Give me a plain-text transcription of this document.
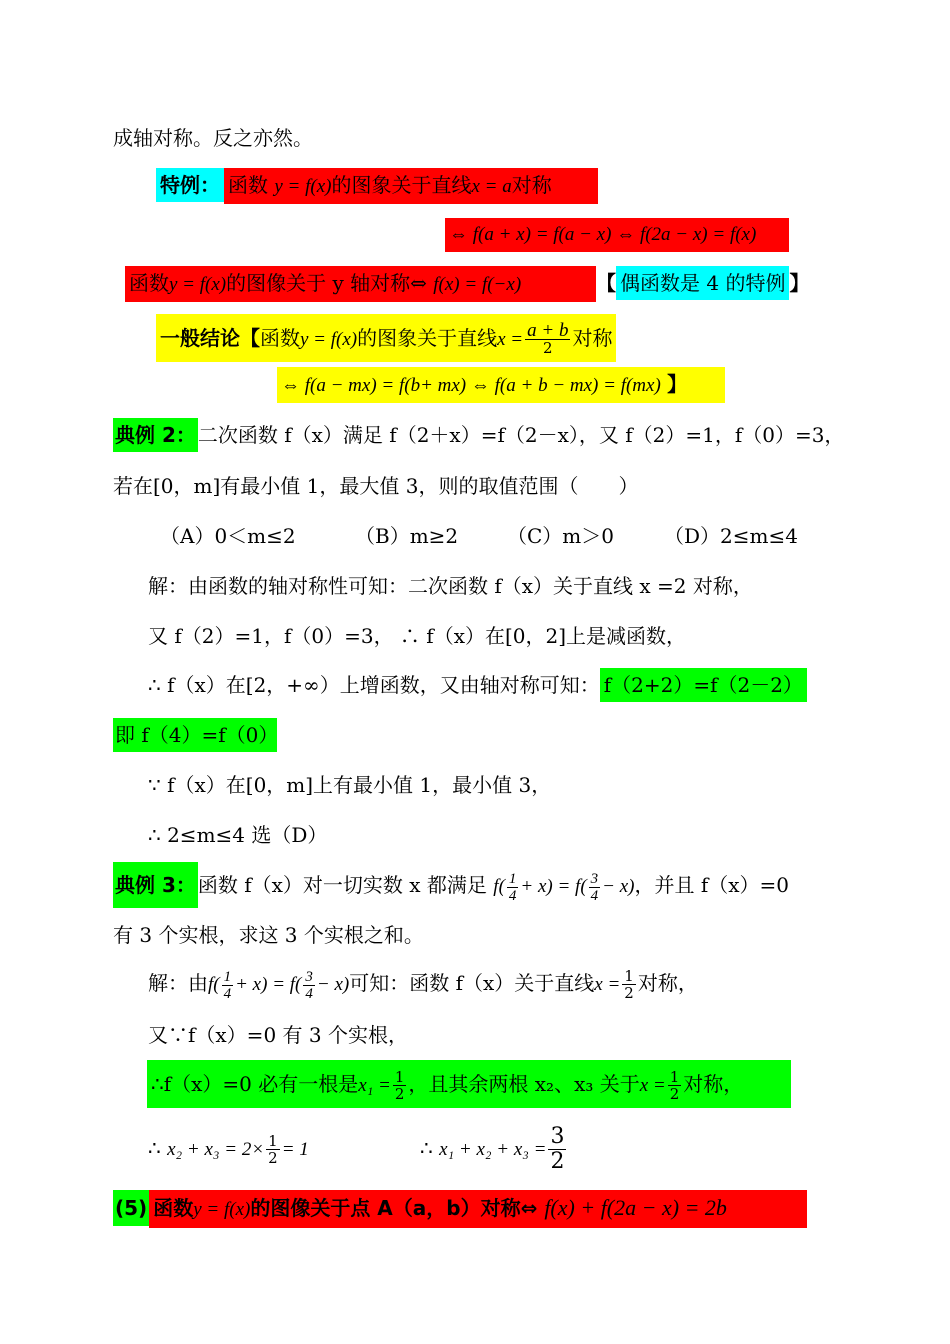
成轴对称。反之亦然。
特例： 函数 y = f(x)的图象关于直线x = a对称
⇔ f(a + x) = f(a − x) ⇔ f(2a − x) = f(x)
函数y = f(x)的图像关于 y 轴对称⇔ f(x) = f(−x)	【 偶函数是 4 的特例 】
一般结论【函数y = f(x)的图象关于直线$x = \frac{a + b}{2}$ 对称
⇔ f(a − mx) = f(b+ mx) ⇔ f(a + b − mx) = f(mx) 】
典例 2： 二次函数 f（x）满足 f（2＋x）=f（2－x），又 f（2）=1，f（0）=3，
若在[0，m]有最小值 1，最大值 3，则的取值范围（　　）
（A）0＜m≤2	（B）m≥2 （C）m＞0	（D）2≤m≤4
解：由函数的轴对称性可知：二次函数 f（x）关于直线 x =2 对称，
又 f（2）=1，f（0）=3， ∴ f（x）在[0，2]上是减函数，
∴ f（x）在[2，+∞）上增函数，又由轴对称可知： f（2+2）=f（2－2）
即 f（4）=f（0）
∵ f（x）在[0，m]上有最小值 1，最小值 3，
∴ 2≤m≤4 选（D）
典例 3： 函数 f（x）对一切实数 x 都满足 $f( \frac{1}{4} + x) = f( \frac{3}{4} - x)$，并且 f（x）=0
有 3 个实根，求这 3 个实根之和。
解：由$f( \frac{1}{4} + x) = f( \frac{3}{4} - x)$可知：函数 f（x）关于直线$x = \frac{1}{2}$ 对称，
又∵f（x）=0 有 3 个实根，
∴f（x）=0 必有一根是$x_1 = \frac{1}{2}$ ，且其余两根 x₂、x₃ 关于$x = \frac{1}{2}$ 对称，
∴ $x_2 + x_3 = 2\times \frac{1}{2} = 1$	∴ $x_1 + x_2 + x_3 = \frac{3}{2}$
(5) 函数y = f(x)的图像关于点 A（a，b）对称⇔ f(x) + f(2a − x) = 2b
